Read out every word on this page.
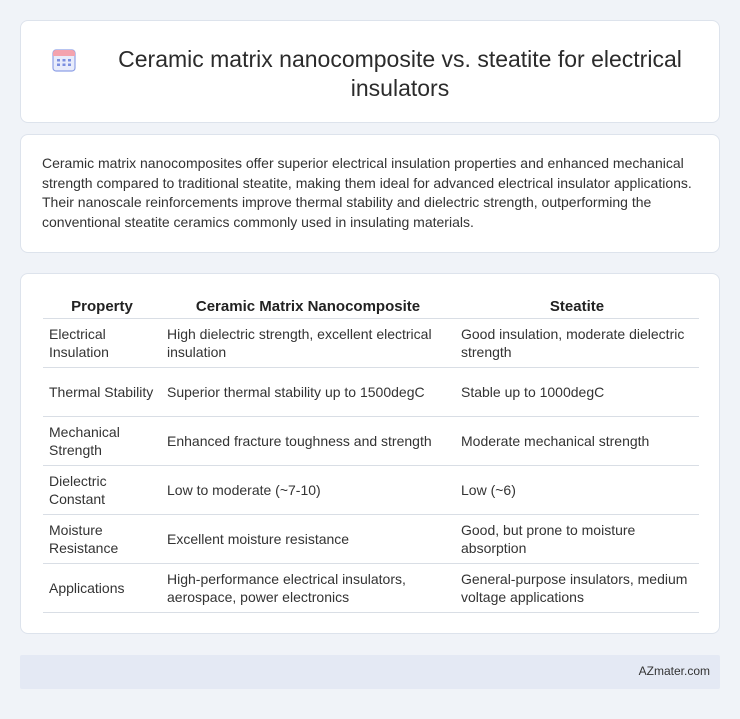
Ceramic matrix nanocomposite vs. steatite for electrical insulators

Ceramic matrix nanocomposites offer superior electrical insulation properties and enhanced mechanical strength compared to traditional steatite, making them ideal for advanced electrical insulator applications. Their nanoscale reinforcements improve thermal stability and dielectric strength, outperforming the conventional steatite ceramics commonly used in insulating materials.

Property	Ceramic Matrix Nanocomposite	Steatite
Electrical Insulation	High dielectric strength, excellent electrical insulation	Good insulation, moderate dielectric strength
Thermal Stability	Superior thermal stability up to 1500degC	Stable up to 1000degC
Mechanical Strength	Enhanced fracture toughness and strength	Moderate mechanical strength
Dielectric Constant	Low to moderate (~7-10)	Low (~6)
Moisture Resistance	Excellent moisture resistance	Good, but prone to moisture absorption
Applications	High-performance electrical insulators, aerospace, power electronics	General-purpose insulators, medium voltage applications
AZmater.com
